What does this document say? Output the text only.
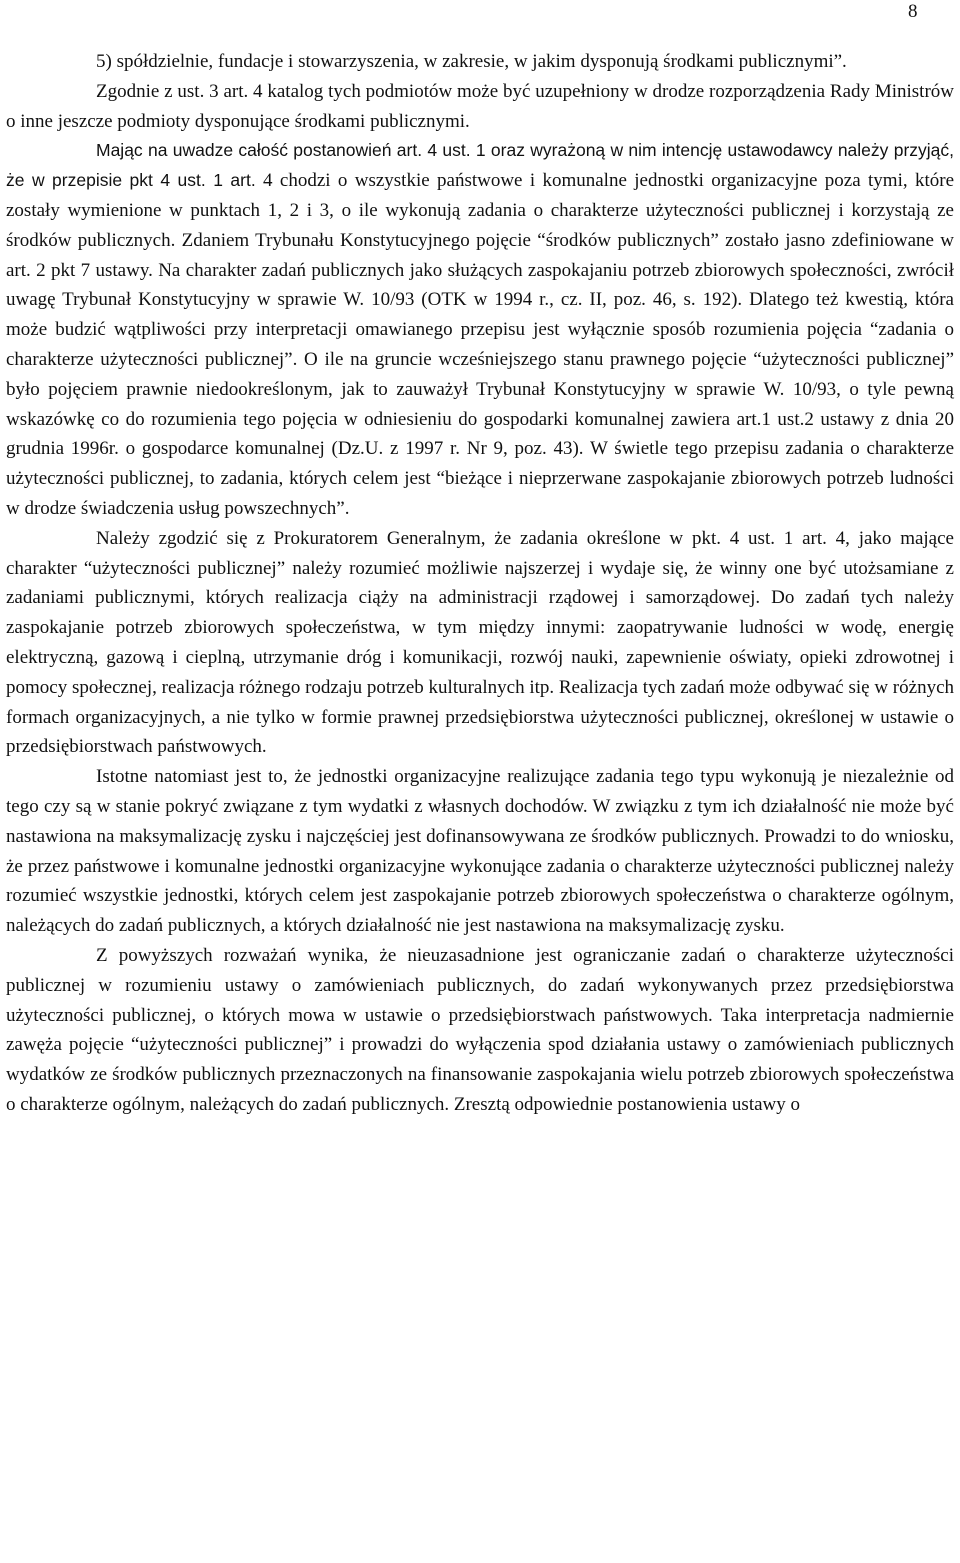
8

5) spółdzielnie, fundacje i stowarzyszenia, w zakresie, w jakim dysponują środkami publicznymi”.

Zgodnie z ust. 3 art. 4 katalog tych podmiotów może być uzupełniony w drodze rozporządzenia Rady Ministrów o inne jeszcze podmioty dysponujące środkami publicznymi.

Mając na uwadze całość postanowień art. 4 ust. 1 oraz wyrażoną w nim intencję ustawodawcy należy przyjąć, że w przepisie pkt 4 ust. 1 art. 4 chodzi o wszystkie państwowe i komunalne jednostki organizacyjne poza tymi, które zostały wymienione w punktach 1, 2 i 3, o ile wykonują zadania o charakterze użyteczności publicznej i korzystają ze środków publicznych. Zdaniem Trybunału Konstytucyjnego pojęcie “środków publicznych” zostało jasno zdefiniowane w art. 2 pkt 7 ustawy. Na charakter zadań publicznych jako służących zaspokajaniu potrzeb zbiorowych społeczności, zwrócił uwagę Trybunał Konstytucyjny w sprawie W. 10/93 (OTK w 1994 r., cz. II, poz. 46, s. 192). Dlatego też kwestią, która może budzić wątpliwości przy interpretacji omawianego przepisu jest wyłącznie sposób rozumienia pojęcia “zadania o charakterze użyteczności publicznej”. O ile na gruncie wcześniejszego stanu prawnego pojęcie “użyteczności publicznej” było pojęciem prawnie niedookreślonym, jak to zauważył Trybunał Konstytucyjny w sprawie W. 10/93, o tyle pewną wskazówkę co do rozumienia tego pojęcia w odniesieniu do gospodarki komunalnej zawiera art.1 ust.2 ustawy z dnia 20 grudnia 1996r. o gospodarce komunalnej (Dz.U. z 1997 r. Nr 9, poz. 43). W świetle tego przepisu zadania o charakterze użyteczności publicznej, to zadania, których celem jest “bieżące i nieprzerwane zaspokajanie zbiorowych potrzeb ludności w drodze świadczenia usług powszechnych”.

Należy zgodzić się z Prokuratorem Generalnym, że zadania określone w pkt. 4 ust. 1 art. 4, jako mające charakter “użyteczności publicznej” należy rozumieć możliwie najszerzej i wydaje się, że winny one być utożsamiane z zadaniami publicznymi, których realizacja ciąży na administracji rządowej i samorządowej. Do zadań tych należy zaspokajanie potrzeb zbiorowych społeczeństwa, w tym między innymi: zaopatrywanie ludności w wodę, energię elektryczną, gazową i cieplną, utrzymanie dróg i komunikacji, rozwój nauki, zapewnienie oświaty, opieki zdrowotnej i pomocy społecznej, realizacja różnego rodzaju potrzeb kulturalnych itp. Realizacja tych zadań może odbywać się w różnych formach organizacyjnych, a nie tylko w formie prawnej przedsiębiorstwa użyteczności publicznej, określonej w ustawie o przedsiębiorstwach państwowych.

Istotne natomiast jest to, że jednostki organizacyjne realizujące zadania tego typu wykonują je niezależnie od tego czy są w stanie pokryć związane z tym wydatki z własnych dochodów. W związku z tym ich działalność nie może być nastawiona na maksymalizację zysku i najczęściej jest dofinansowywana ze środków publicznych. Prowadzi to do wniosku, że przez państwowe i komunalne jednostki organizacyjne wykonujące zadania o charakterze użyteczności publicznej należy rozumieć wszystkie jednostki, których celem jest zaspokajanie potrzeb zbiorowych społeczeństwa o charakterze ogólnym, należących do zadań publicznych, a których działalność nie jest nastawiona na maksymalizację zysku.

Z powyższych rozważań wynika, że nieuzasadnione jest ograniczanie zadań o charakterze użyteczności publicznej w rozumieniu ustawy o zamówieniach publicznych, do zadań wykonywanych przez przedsiębiorstwa użyteczności publicznej, o których mowa w ustawie o przedsiębiorstwach państwowych. Taka interpretacja nadmiernie zawęża pojęcie “użyteczności publicznej” i prowadzi do wyłączenia spod działania ustawy o zamówieniach publicznych wydatków ze środków publicznych przeznaczonych na finansowanie zaspokajania wielu potrzeb zbiorowych społeczeństwa o charakterze ogólnym, należących do zadań publicznych. Zresztą odpowiednie postanowienia ustawy o
